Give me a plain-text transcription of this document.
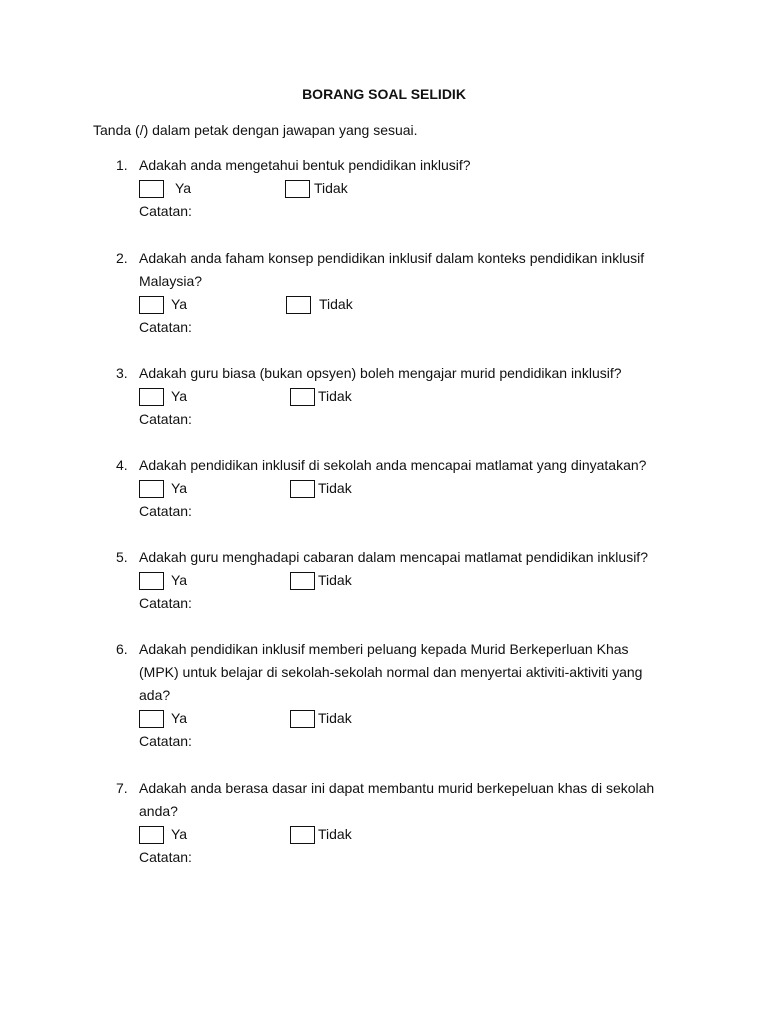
BORANG SOAL SELIDIK
Tanda (/) dalam petak dengan jawapan yang sesuai.
1. Adakah anda mengetahui bentuk pendidikan inklusif?
Ya	Tidak
Catatan:
2. Adakah anda faham konsep pendidikan inklusif dalam konteks pendidikan inklusif
Malaysia?
Ya	Tidak
Catatan:
3. Adakah guru biasa (bukan opsyen) boleh mengajar murid pendidikan inklusif?
Ya	Tidak
Catatan:
4. Adakah pendidikan inklusif di sekolah anda mencapai matlamat yang dinyatakan?
Ya	Tidak
Catatan:
5. Adakah guru menghadapi cabaran dalam mencapai matlamat pendidikan inklusif?
Ya	Tidak
Catatan:
6. Adakah pendidikan inklusif memberi peluang kepada Murid Berkeperluan Khas
(MPK) untuk belajar di sekolah-sekolah normal dan menyertai aktiviti-aktiviti yang
ada?
Ya	Tidak
Catatan:
7. Adakah anda berasa dasar ini dapat membantu murid berkepeluan khas di sekolah
anda?
Ya	Tidak
Catatan:
